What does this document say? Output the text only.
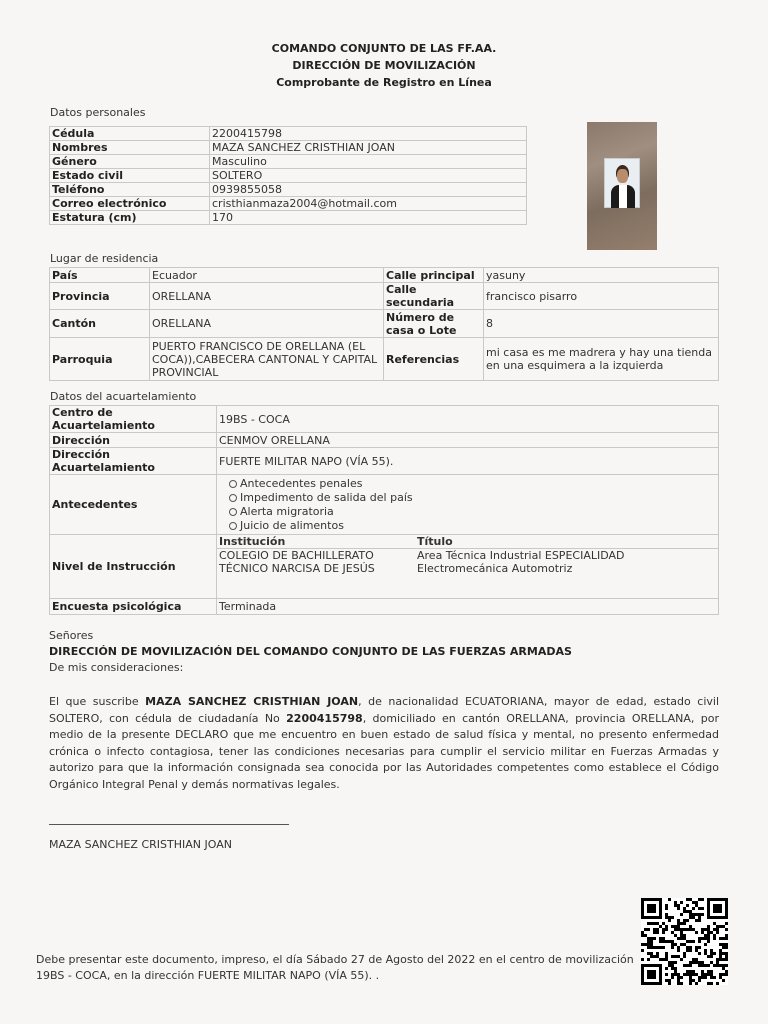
COMANDO CONJUNTO DE LAS FF.AA.
DIRECCIÓN DE MOVILIZACIÓN
Comprobante de Registro en Línea
Datos personales
Cédula	2200415798
Nombres	MAZA SANCHEZ CRISTHIAN JOAN
Género	Masculino
Estado civil	SOLTERO
Teléfono	0939855058
Correo electrónico	cristhianmaza2004@hotmail.com
Estatura (cm)	170
Lugar de residencia
País	Ecuador	Calle principal	yasuny
Provincia	ORELLANA	Calle secundaria	francisco pisarro
Cantón	ORELLANA	Número de casa o Lote	8
Parroquia	PUERTO FRANCISCO DE ORELLANA (EL COCA)),CABECERA CANTONAL Y CAPITAL PROVINCIAL	Referencias	mi casa es me madrera y hay una tienda en una esquimera a la izquierda
Datos del acuartelamiento
Centro de Acuartelamiento	19BS - COCA
Dirección	CENMOV ORELLANA
Dirección Acuartelamiento	FUERTE MILITAR NAPO (VÍA 55).
Antecedentes	
Antecedentes penales
Impedimento de salida del país
Alerta migratoria
Juicio de alimentos

Nivel de Instrucción	
Institución	Título
COLEGIO DE BACHILLERATO TÉCNICO NARCISA DE JESÚS	Area Técnica Industrial ESPECIALIDAD Electromecánica Automotriz

Encuesta psicológica	Terminada
Señores
DIRECCIÓN DE MOVILIZACIÓN DEL COMANDO CONJUNTO DE LAS FUERZAS ARMADAS
De mis consideraciones:
El que suscribe MAZA SANCHEZ CRISTHIAN JOAN, de nacionalidad ECUATORIANA, mayor de edad, estado civil SOLTERO, con cédula de ciudadanía No 2200415798, domiciliado en cantón ORELLANA, provincia ORELLANA, por medio de la presente DECLARO que me encuentro en buen estado de salud física y mental, no presento enfermedad crónica o infecto contagiosa, tener las condiciones necesarias para cumplir el servicio militar en Fuerzas Armadas y autorizo para que la información consignada sea conocida por las Autoridades competentes como establece el Código Orgánico Integral Penal y demás normativas legales.
MAZA SANCHEZ CRISTHIAN JOAN
Debe presentar este documento, impreso, el día Sábado 27 de Agosto del 2022 en el centro de movilización 19BS - COCA, en la dirección FUERTE MILITAR NAPO (VÍA 55). .
